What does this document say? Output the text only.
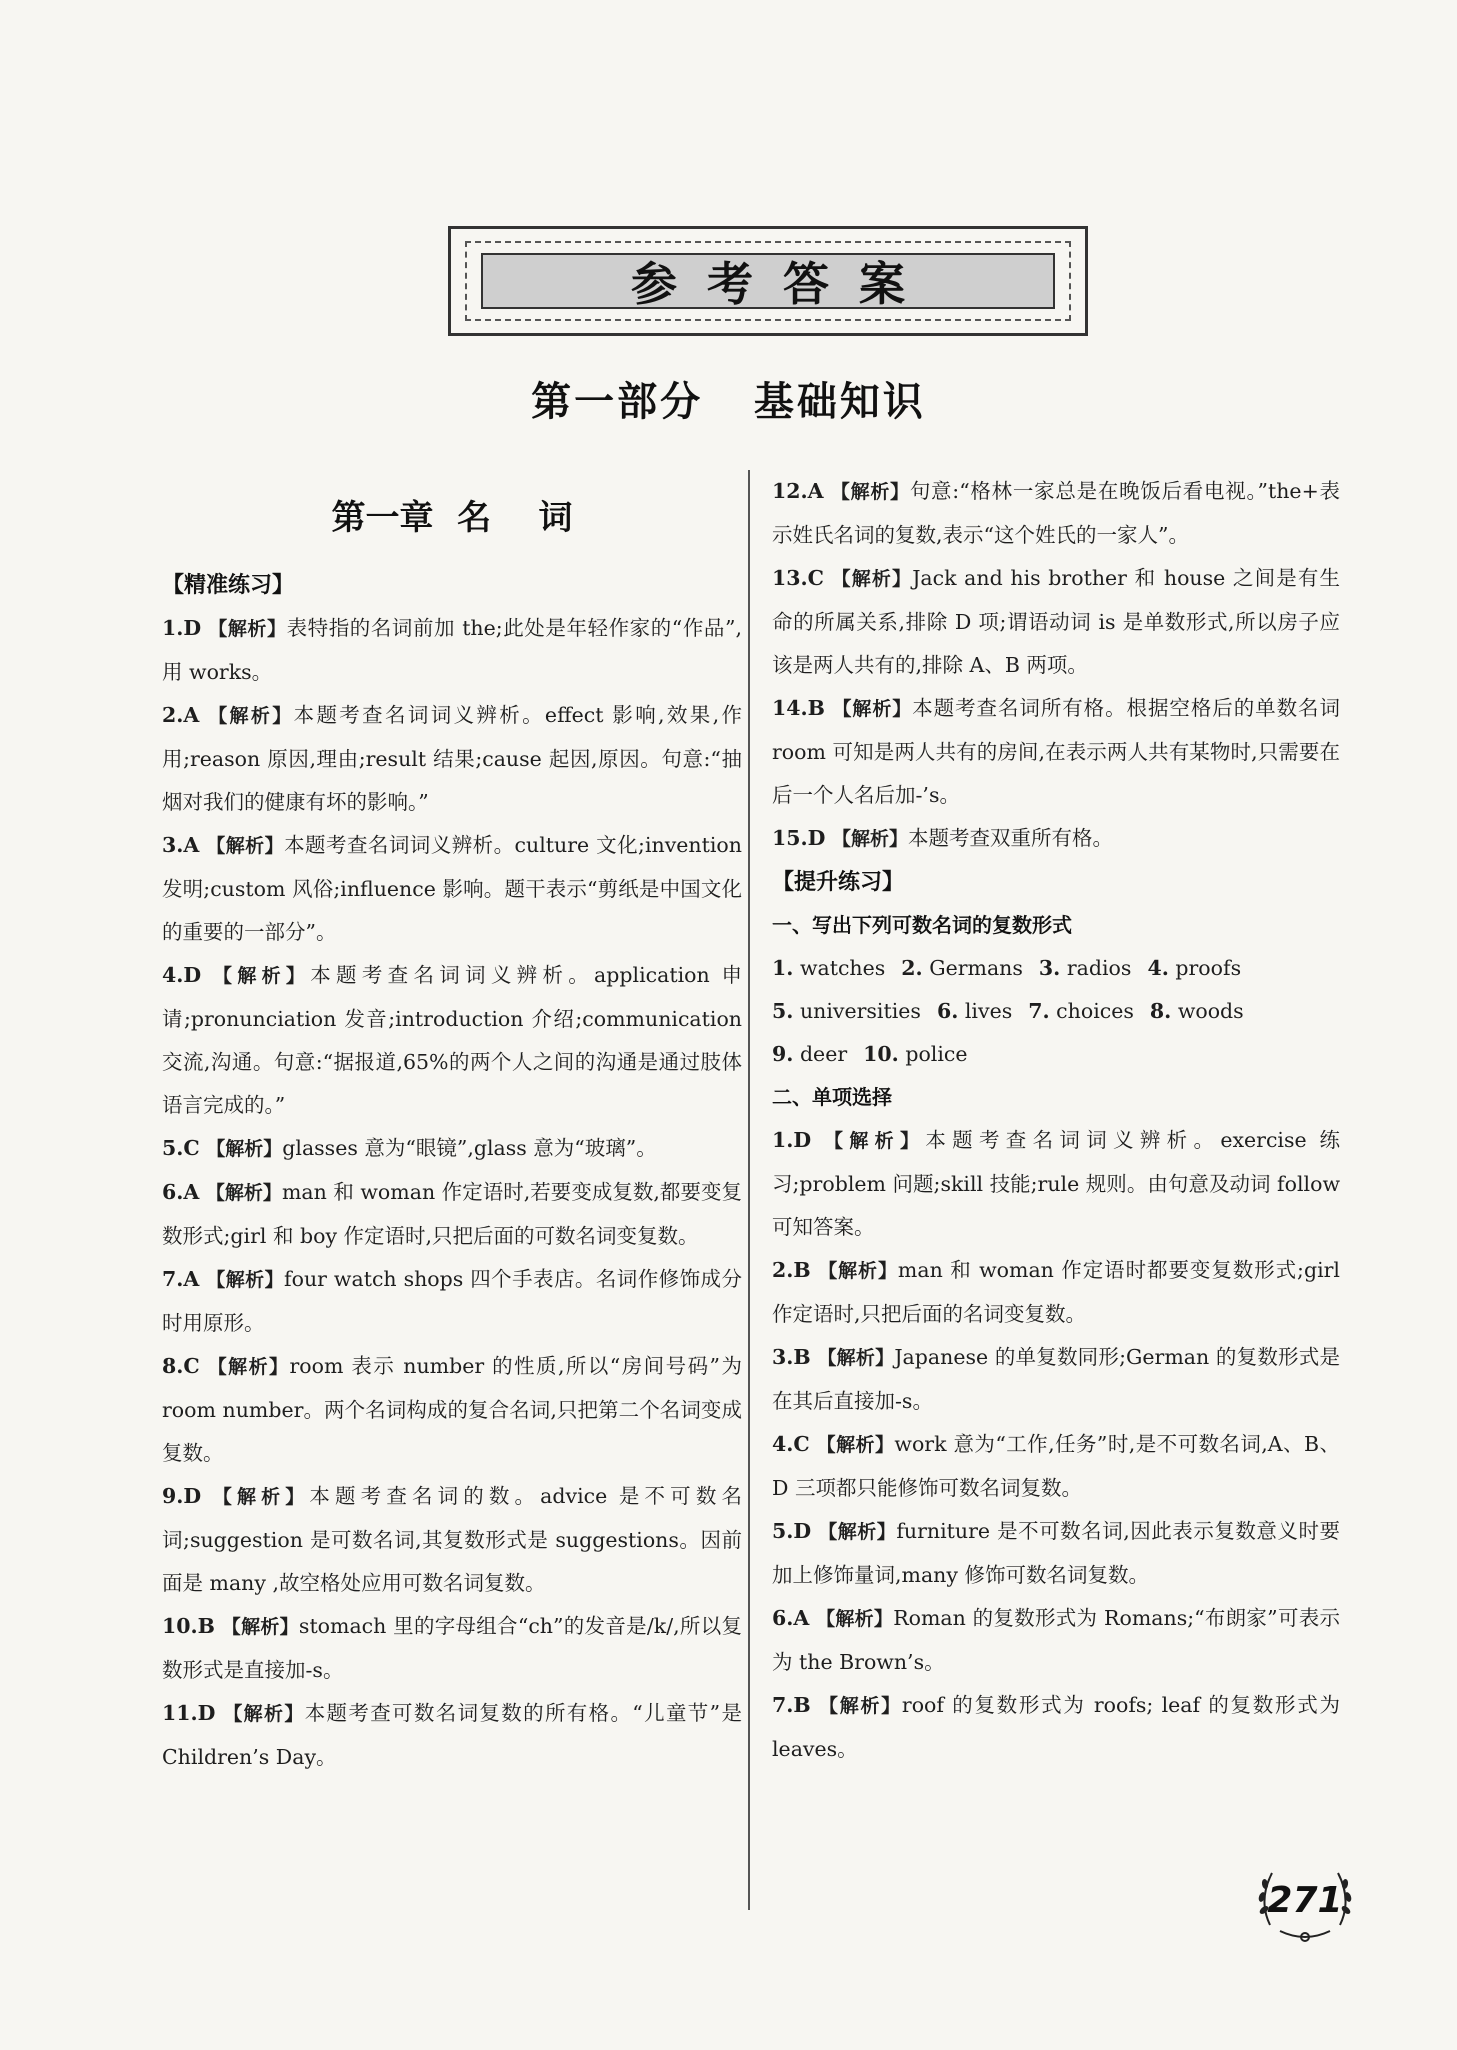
参考答案
第一部分   基础知识
第一章  名    词
【精准练习】
1.D 【解析】表特指的名词前加 the;此处是年轻作家的“作品”,用 works。
2.A 【解析】本题考查名词词义辨析。effect 影响,效果,作用;reason 原因,理由;result 结果;cause 起因,原因。句意:“抽烟对我们的健康有坏的影响。”
3.A 【解析】本题考查名词词义辨析。culture 文化;invention 发明;custom 风俗;influence 影响。题干表示“剪纸是中国文化的重要的一部分”。
4.D 【解析】本题考查名词词义辨析。application 申请;pronunciation 发音;introduction 介绍;communication 交流,沟通。句意:“据报道,65%的两个人之间的沟通是通过肢体语言完成的。”
5.C 【解析】glasses 意为“眼镜”,glass 意为“玻璃”。
6.A 【解析】man 和 woman 作定语时,若要变成复数,都要变复数形式;girl 和 boy 作定语时,只把后面的可数名词变复数。
7.A 【解析】four watch shops 四个手表店。名词作修饰成分时用原形。
8.C 【解析】room 表示 number 的性质,所以“房间号码”为 room number。两个名词构成的复合名词,只把第二个名词变成复数。
9.D 【解析】本题考查名词的数。advice 是不可数名词;suggestion 是可数名词,其复数形式是 suggestions。因前面是 many ,故空格处应用可数名词复数。
10.B 【解析】stomach 里的字母组合“ch”的发音是/k/,所以复数形式是直接加-s。
11.D 【解析】本题考查可数名词复数的所有格。“儿童节”是 Children’s Day。
12.A 【解析】句意:“格林一家总是在晚饭后看电视。”the+表示姓氏名词的复数,表示“这个姓氏的一家人”。
13.C 【解析】Jack and his brother 和 house 之间是有生命的所属关系,排除 D 项;谓语动词 is 是单数形式,所以房子应该是两人共有的,排除 A、B 两项。
14.B 【解析】本题考查名词所有格。根据空格后的单数名词 room 可知是两人共有的房间,在表示两人共有某物时,只需要在后一个人名后加-’s。
15.D 【解析】本题考查双重所有格。
【提升练习】
一、写出下列可数名词的复数形式
1. watches 2. Germans 3. radios 4. proofs
5. universities 6. lives 7. choices 8. woods
9. deer 10. police
二、单项选择
1.D 【解析】本题考查名词词义辨析。exercise 练习;problem 问题;skill 技能;rule 规则。由句意及动词 follow 可知答案。
2.B 【解析】man 和 woman 作定语时都要变复数形式;girl 作定语时,只把后面的名词变复数。
3.B 【解析】Japanese 的单复数同形;German 的复数形式是在其后直接加-s。
4.C 【解析】work 意为“工作,任务”时,是不可数名词,A、B、D 三项都只能修饰可数名词复数。
5.D 【解析】furniture 是不可数名词,因此表示复数意义时要加上修饰量词,many 修饰可数名词复数。
6.A 【解析】Roman 的复数形式为 Romans;“布朗家”可表示为 the Brown’s。
7.B 【解析】roof 的复数形式为 roofs; leaf 的复数形式为 leaves。
271
